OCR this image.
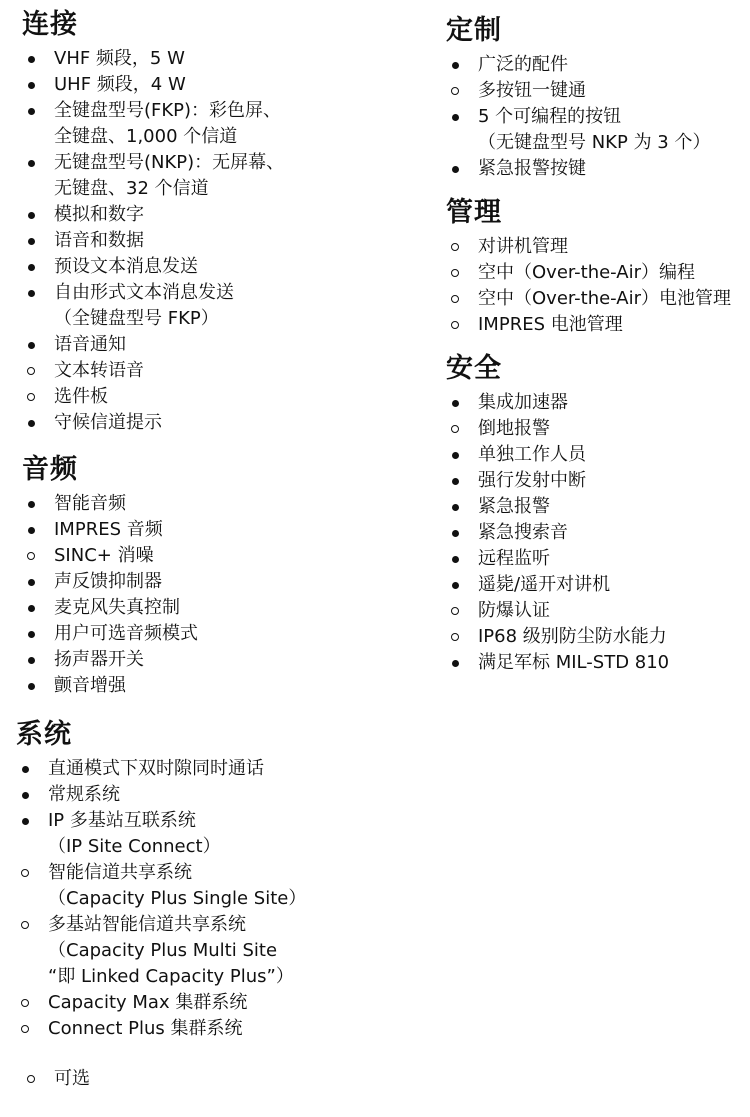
连接
VHF 频段，5 W
UHF 频段，4 W
全键盘型号(FKP)：彩色屏、
全键盘、1,000 个信道
无键盘型号(NKP)：无屏幕、
无键盘、32 个信道
模拟和数字
语音和数据
预设文本消息发送
自由形式文本消息发送
（全键盘型号 FKP）
语音通知
文本转语音
选件板
守候信道提示
音频
智能音频
IMPRES 音频
SINC+ 消噪
声反馈抑制器
麦克风失真控制
用户可选音频模式
扬声器开关
颤音增强
系统
直通模式下双时隙同时通话
常规系统
IP 多基站互联系统
（IP Site Connect）
智能信道共享系统
（Capacity Plus Single Site）
多基站智能信道共享系统
（Capacity Plus Multi Site
“即 Linked Capacity Plus”）
Capacity Max 集群系统
Connect Plus 集群系统
定制
广泛的配件
多按钮一键通
5 个可编程的按钮
（无键盘型号 NKP 为 3 个）
紧急报警按键
管理
对讲机管理
空中（Over-the-Air）编程
空中（Over-the-Air）电池管理
IMPRES 电池管理
安全
集成加速器
倒地报警
单独工作人员
强行发射中断
紧急报警
紧急搜索音
远程监听
遥毙/遥开对讲机
防爆认证
IP68 级别防尘防水能力
满足军标 MIL-STD 810
可选
